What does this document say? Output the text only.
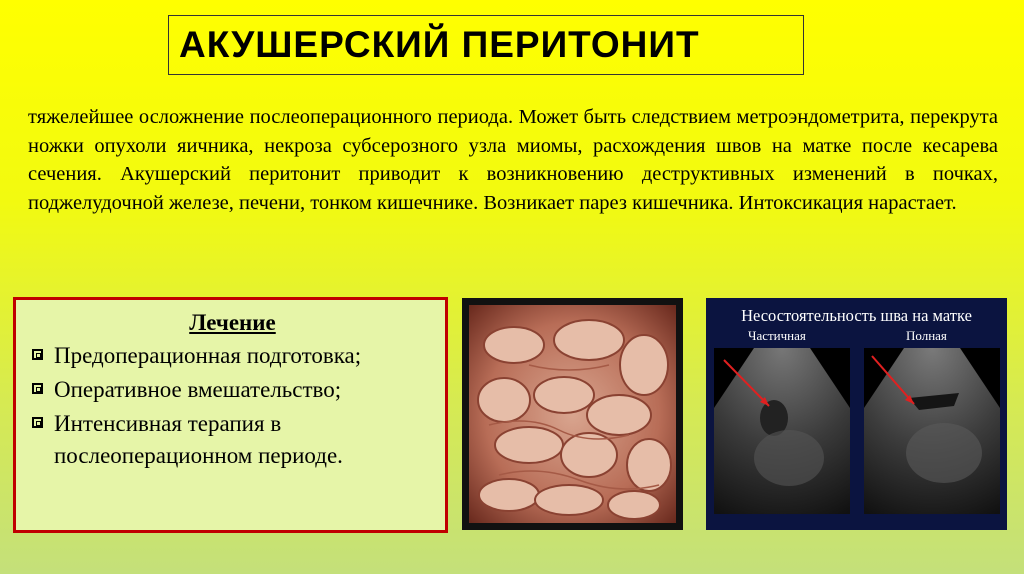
АКУШЕРСКИЙ ПЕРИТОНИТ
тяжелейшее осложнение послеоперационного периода. Может быть следствием метроэндометрита, перекрута ножки опухоли яичника, некроза субсерозного узла миомы, расхождения швов на матке после кесарева сечения. Акушерский перитонит приводит к возникновению деструктивных изменений в почках, поджелудочной железе, печени, тонком кишечнике. Возникает парез кишечника. Интоксикация нарастает.
Лечение
Предоперационная подготовка;
Оперативное вмешательство;
Интенсивная терапия в послеоперационном периоде.
Несостоятельность шва на матке
Частичная	Полная
